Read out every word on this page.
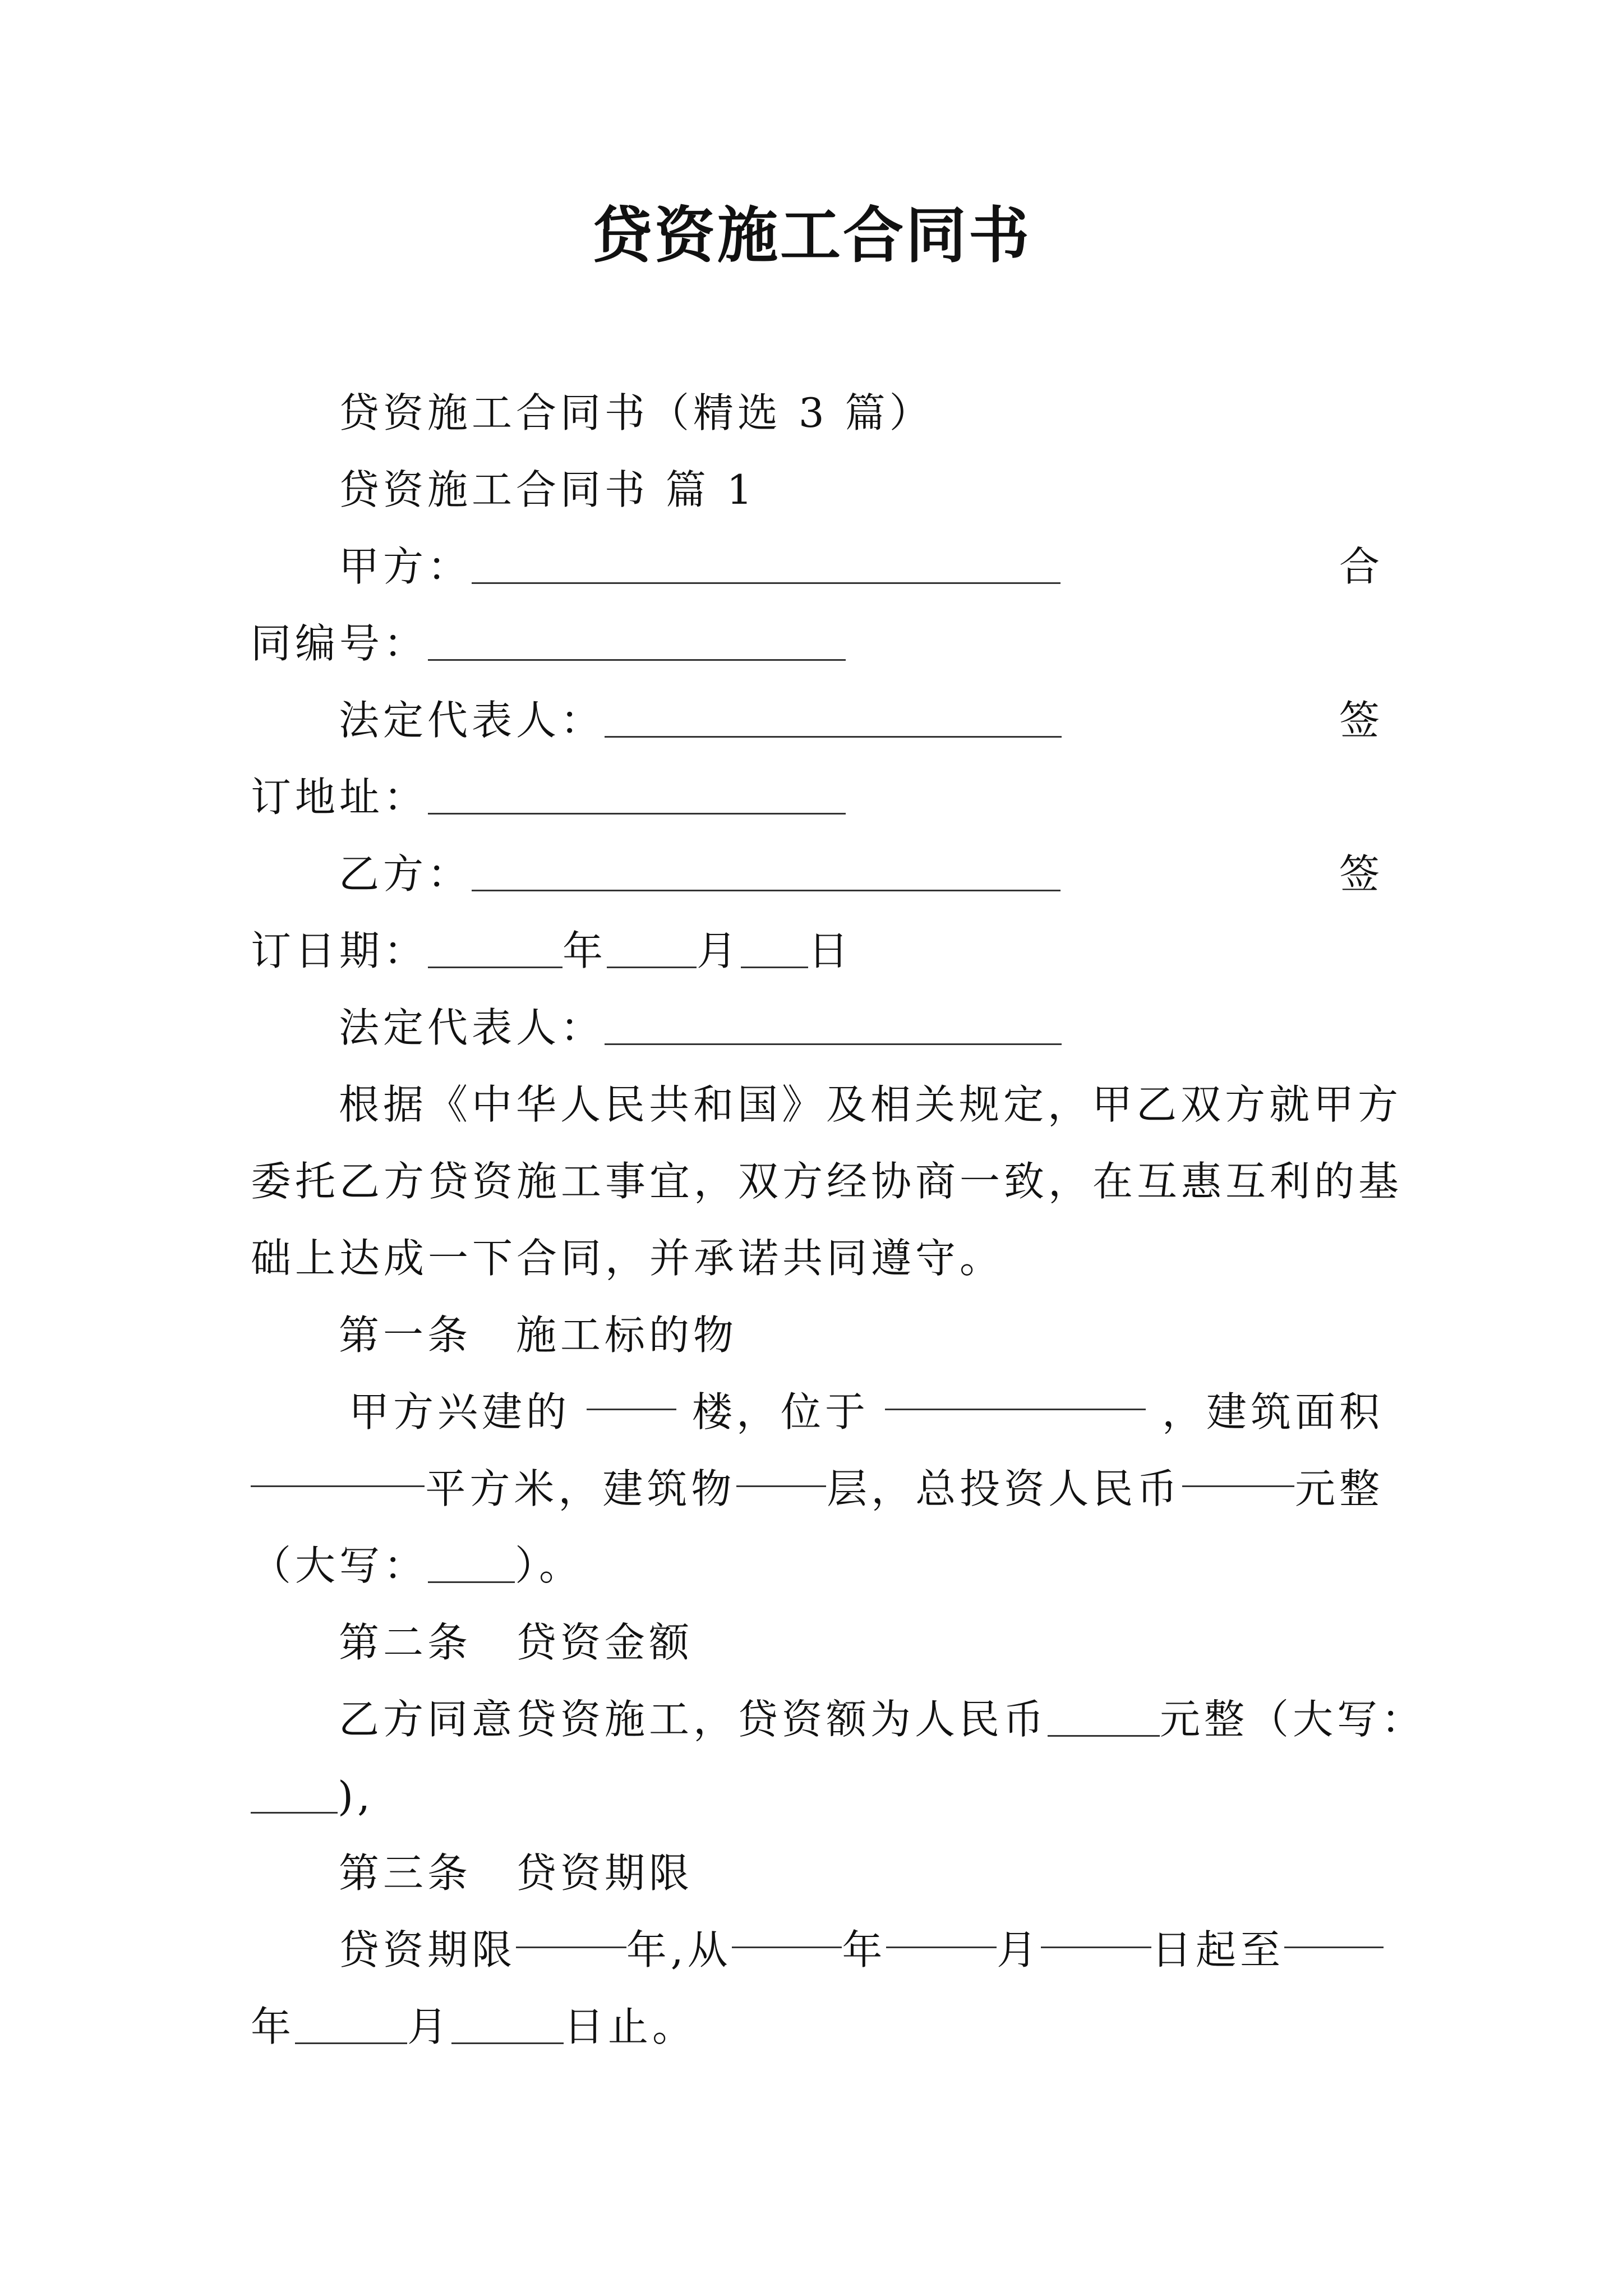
贷资施工合同书
贷资施工合同书（精选 3 篇）
贷资施工合同书 篇 1
甲方：	合
同编号：
法定代表人：	签
订地址：
乙方：	签
订日期：	年 月 日
法定代表人：
根据《中华人民共和国》及相关规定，甲乙双方就甲方
委托乙方贷资施工事宜，双方经协商一致，在互惠互利的基
础上达成一下合同，并承诺共同遵守。
第一条　施工标的物
甲方兴建的	楼，位于	，建筑面积
平方米，建筑物 层，总投资人民币	元整
（大写： ）。
第二条　贷资金额
乙方同意贷资施工，贷资额为人民币	元整（大写：
),
第三条　贷资期限
贷资期限	年,从	年	月	日起至
年	月	日止。
